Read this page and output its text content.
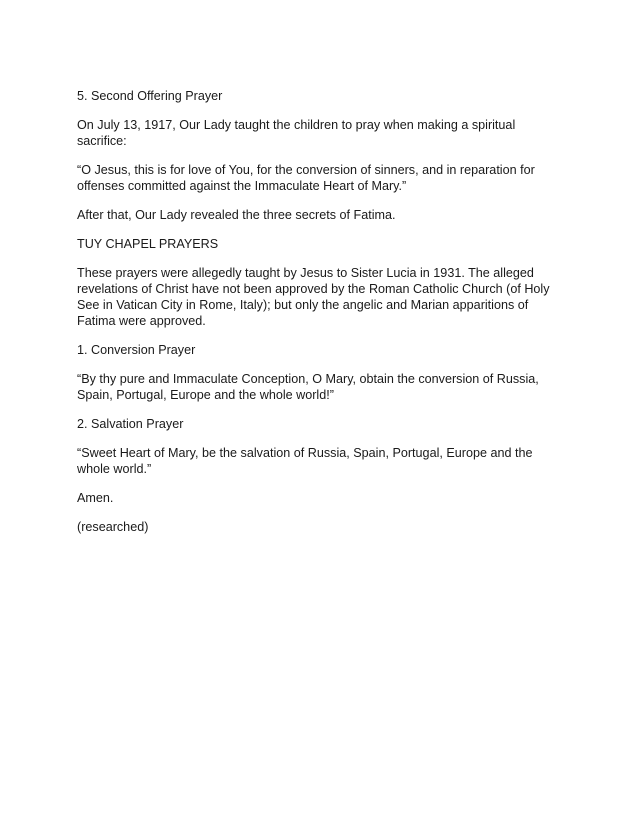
5. Second Offering Prayer

On July 13, 1917, Our Lady taught the children to pray when making a spiritual sacrifice:

“O Jesus, this is for love of You, for the conversion of sinners, and in reparation for offenses committed against the Immaculate Heart of Mary.”

After that, Our Lady revealed the three secrets of Fatima.

TUY CHAPEL PRAYERS

These prayers were allegedly taught by Jesus to Sister Lucia in 1931. The alleged revelations of Christ have not been approved by the Roman Catholic Church (of Holy See in Vatican City in Rome, Italy); but only the angelic and Marian apparitions of Fatima were approved.

1. Conversion Prayer

“By thy pure and Immaculate Conception, O Mary, obtain the conversion of Russia, Spain, Portugal, Europe and the whole world!”

2. Salvation Prayer

“Sweet Heart of Mary, be the salvation of Russia, Spain, Portugal, Europe and the whole world.”

Amen.

(researched)
